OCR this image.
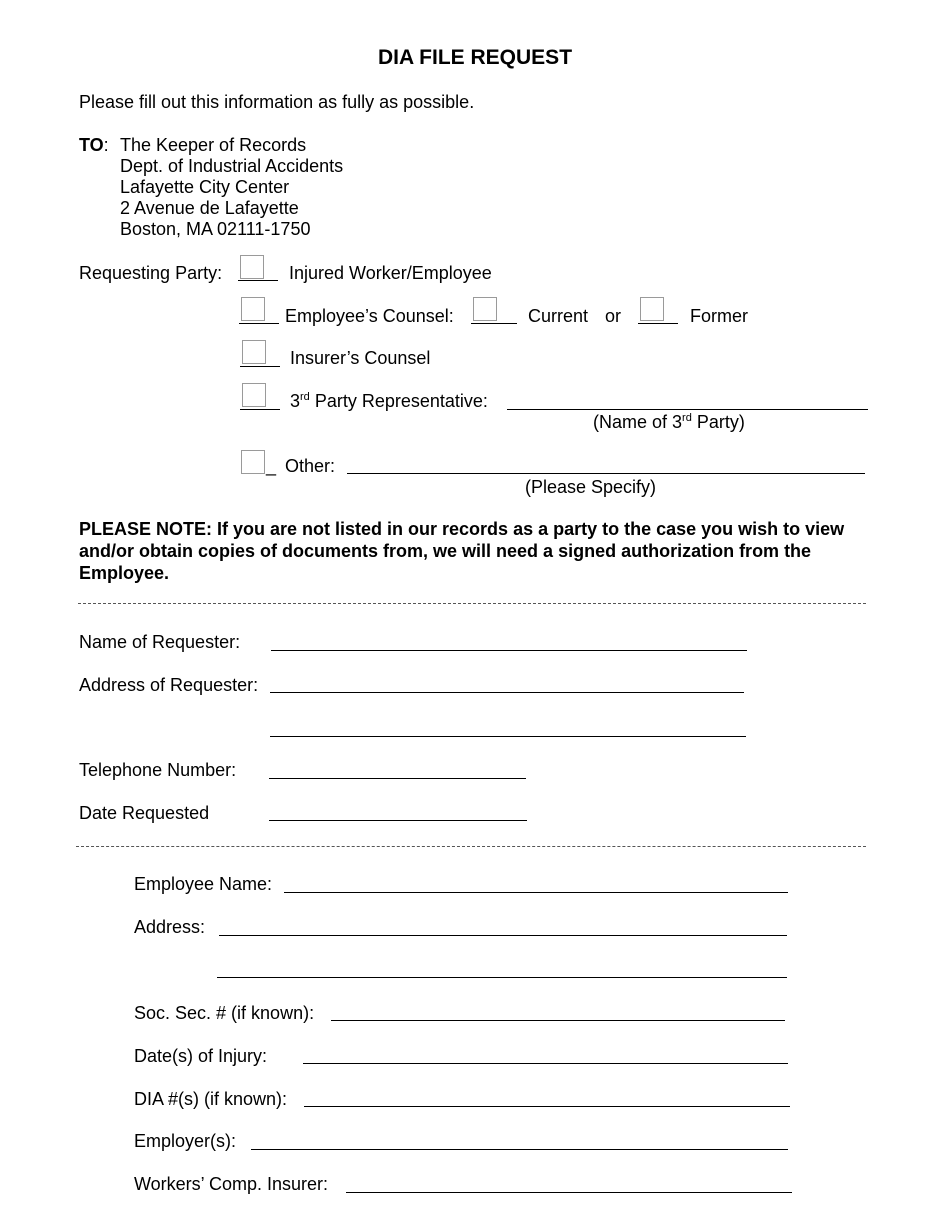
DIA FILE REQUEST
Please fill out this information as fully as possible.
TO: The Keeper of Records
Dept. of Industrial Accidents
Lafayette City Center
2 Avenue de Lafayette
Boston, MA 02111-1750
Requesting Party:	Injured Worker/Employee
Employee’s Counsel:	Current or	Former
Insurer’s Counsel
3rd Party Representative:
(Name of 3rd Party)
_ Other:
(Please Specify)
PLEASE NOTE: If you are not listed in our records as a party to the case you wish to view and/or obtain copies of documents from, we will need a signed authorization from the Employee.
Name of Requester:
Address of Requester:
Telephone Number:
Date Requested
Employee Name:
Address:
Soc. Sec. # (if known):
Date(s) of Injury:
DIA #(s) (if known):
Employer(s):
Workers’ Comp. Insurer:
